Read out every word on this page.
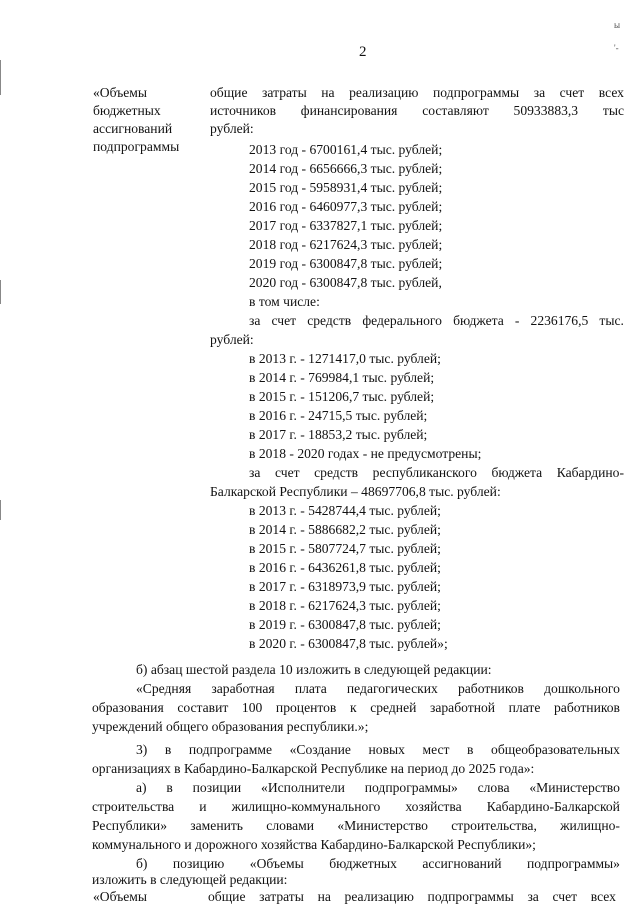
2
ы
'-
«Объемы
бюджетных
ассигнований
подпрограммы
общие затраты на реализацию подпрограммы за счет всех
источников финансирования составляют 50933883,3 тыс
рублей:
2013 год - 6700161,4 тыс. рублей;
2014 год - 6656666,3 тыс. рублей;
2015 год - 5958931,4 тыс. рублей;
2016 год - 6460977,3 тыс. рублей;
2017 год - 6337827,1 тыс. рублей;
2018 год - 6217624,3 тыс. рублей;
2019 год - 6300847,8 тыс. рублей;
2020 год - 6300847,8 тыс. рублей,
в том числе:
за счет средств федерального бюджета - 2236176,5 тыс.
рублей:
в 2013 г. - 1271417,0 тыс. рублей;
в 2014 г. - 769984,1 тыс. рублей;
в 2015 г. - 151206,7 тыс. рублей;
в 2016 г. - 24715,5 тыс. рублей;
в 2017 г. - 18853,2 тыс. рублей;
в 2018 - 2020 годах - не предусмотрены;
за счет средств республиканского бюджета Кабардино-
Балкарской Республики – 48697706,8 тыс. рублей:
в 2013 г. - 5428744,4 тыс. рублей;
в 2014 г. - 5886682,2 тыс. рублей;
в 2015 г. - 5807724,7 тыс. рублей;
в 2016 г. - 6436261,8 тыс. рублей;
в 2017 г. - 6318973,9 тыс. рублей;
в 2018 г. - 6217624,3 тыс. рублей;
в 2019 г. - 6300847,8 тыс. рублей;
в 2020 г. - 6300847,8 тыс. рублей»;
б) абзац шестой раздела 10 изложить в следующей редакции:
«Средняя заработная плата педагогических работников дошкольного
образования составит 100 процентов к средней заработной плате работников
учреждений общего образования республики.»;
3) в подпрограмме «Создание новых мест в общеобразовательных
организациях в Кабардино-Балкарской Республике на период до 2025 года»:
а) в позиции «Исполнители подпрограммы» слова «Министерство
строительства и жилищно-коммунального хозяйства Кабардино-Балкарской
Республики» заменить словами «Министерство строительства, жилищно-
коммунального и дорожного хозяйства Кабардино-Балкарской Республики»;
б) позицию «Объемы бюджетных ассигнований подпрограммы»
изложить в следующей редакции:
«Объемы	общие затраты на реализацию подпрограммы за счет всех
